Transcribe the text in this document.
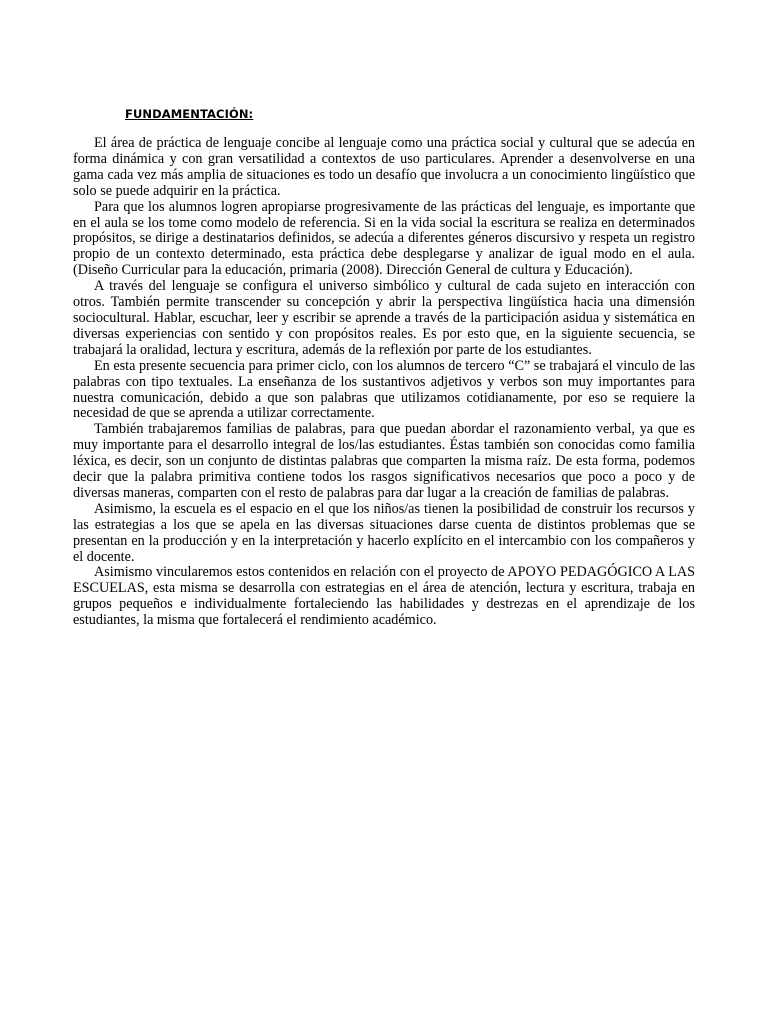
FUNDAMENTACIÓN:

El área de práctica de lenguaje concibe al lenguaje como una práctica social y cultural que se adecúa en forma dinámica y con gran versatilidad a contextos de uso particulares. Aprender a desenvolverse en una gama cada vez más amplia de situaciones es todo un desafío que involucra a un conocimiento lingüístico que solo se puede adquirir en la práctica.

Para que los alumnos logren apropiarse progresivamente de las prácticas del lenguaje, es importante que en el aula se los tome como modelo de referencia. Si en la vida social la escritura se realiza en determinados propósitos, se dirige a destinatarios definidos, se adecúa a diferentes géneros discursivo y respeta un registro propio de un contexto determinado, esta práctica debe desplegarse y analizar de igual modo en el aula. (Diseño Curricular para la educación, primaria (2008). Dirección General de cultura y Educación).

A través del lenguaje se configura el universo simbólico y cultural de cada sujeto en interacción con otros. También permite transcender su concepción y abrir la perspectiva lingüística hacia una dimensión sociocultural. Hablar, escuchar, leer y escribir se aprende a través de la participación asidua y sistemática en diversas experiencias con sentido y con propósitos reales. Es por esto que, en la siguiente secuencia, se trabajará la oralidad, lectura y escritura, además de la reflexión por parte de los estudiantes.

En esta presente secuencia para primer ciclo, con los alumnos de tercero “C” se trabajará el vinculo de las palabras con tipo textuales. La enseñanza de los sustantivos adjetivos y verbos son muy importantes para nuestra comunicación, debido a que son palabras que utilizamos cotidianamente, por eso se requiere la necesidad de que se aprenda a utilizar correctamente.

También trabajaremos familias de palabras, para que puedan abordar el razonamiento verbal, ya que es muy importante para el desarrollo integral de los/las estudiantes. Éstas también son conocidas como familia léxica, es decir, son un conjunto de distintas palabras que comparten la misma raíz. De esta forma, podemos decir que la palabra primitiva contiene todos los rasgos significativos necesarios que poco a poco y de diversas maneras, comparten con el resto de palabras para dar lugar a la creación de familias de palabras.

Asimismo, la escuela es el espacio en el que los niños/as tienen la posibilidad de construir los recursos y las estrategias a los que se apela en las diversas situaciones darse cuenta de distintos problemas que se presentan en la producción y en la interpretación y hacerlo explícito en el intercambio con los compañeros y el docente.

Asimismo vincularemos estos contenidos en relación con el proyecto de APOYO PEDAGÓGICO A LAS ESCUELAS, esta misma se desarrolla con estrategias en el área de atención, lectura y escritura, trabaja en grupos pequeños e individualmente fortaleciendo las habilidades y destrezas en el aprendizaje de los estudiantes, la misma que fortalecerá el rendimiento académico.
